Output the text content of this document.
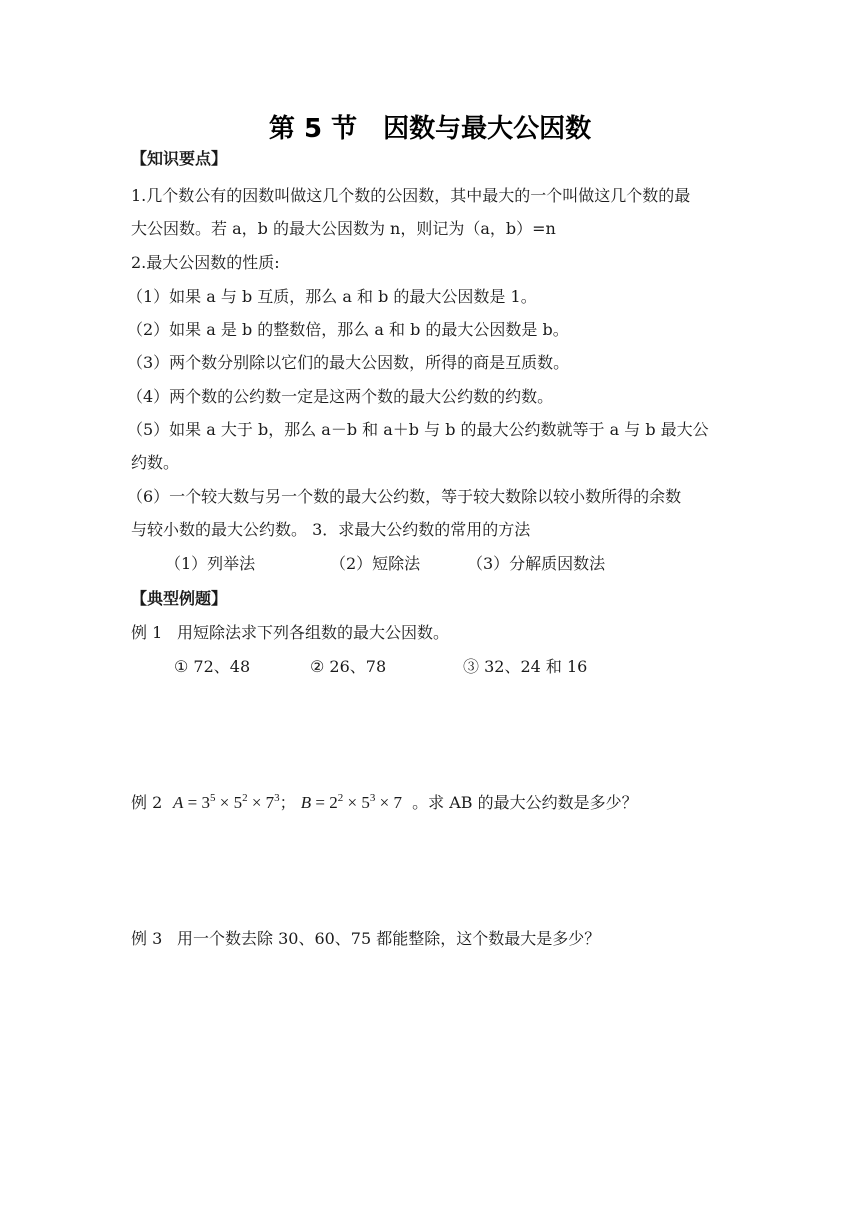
第 5 节　因数与最大公因数
【知识要点】
1.几个数公有的因数叫做这几个数的公因数，其中最大的一个叫做这几个数的最
大公因数。若 a，b 的最大公因数为 n，则记为（a，b）=n
2.最大公因数的性质:
（1）如果 a 与 b 互质，那么 a 和 b 的最大公因数是 1。
（2）如果 a 是 b 的整数倍，那么 a 和 b 的最大公因数是 b。
（3）两个数分别除以它们的最大公因数，所得的商是互质数。
（4）两个数的公约数一定是这两个数的最大公约数的约数。
（5）如果 a 大于 b，那么 a－b 和 a＋b 与 b 的最大公约数就等于 a 与 b 最大公
约数。
（6）一个较大数与另一个数的最大公约数，等于较大数除以较小数所得的余数
与较小数的最大公约数。 3．求最大公约数的常用的方法
（1）列举法	（2）短除法	（3）分解质因数法
【典型例题】
例 1 用短除法求下列各组数的最大公因数。
① 72、48	② 26、78	③ 32、24 和 16
例 2 $A = 3^5 \times 5^2 \times 7^3$； $B = 2^2 \times 5^3 \times 7$ 。求 AB 的最大公约数是多少？
例 3 用一个数去除 30、60、75 都能整除，这个数最大是多少？
